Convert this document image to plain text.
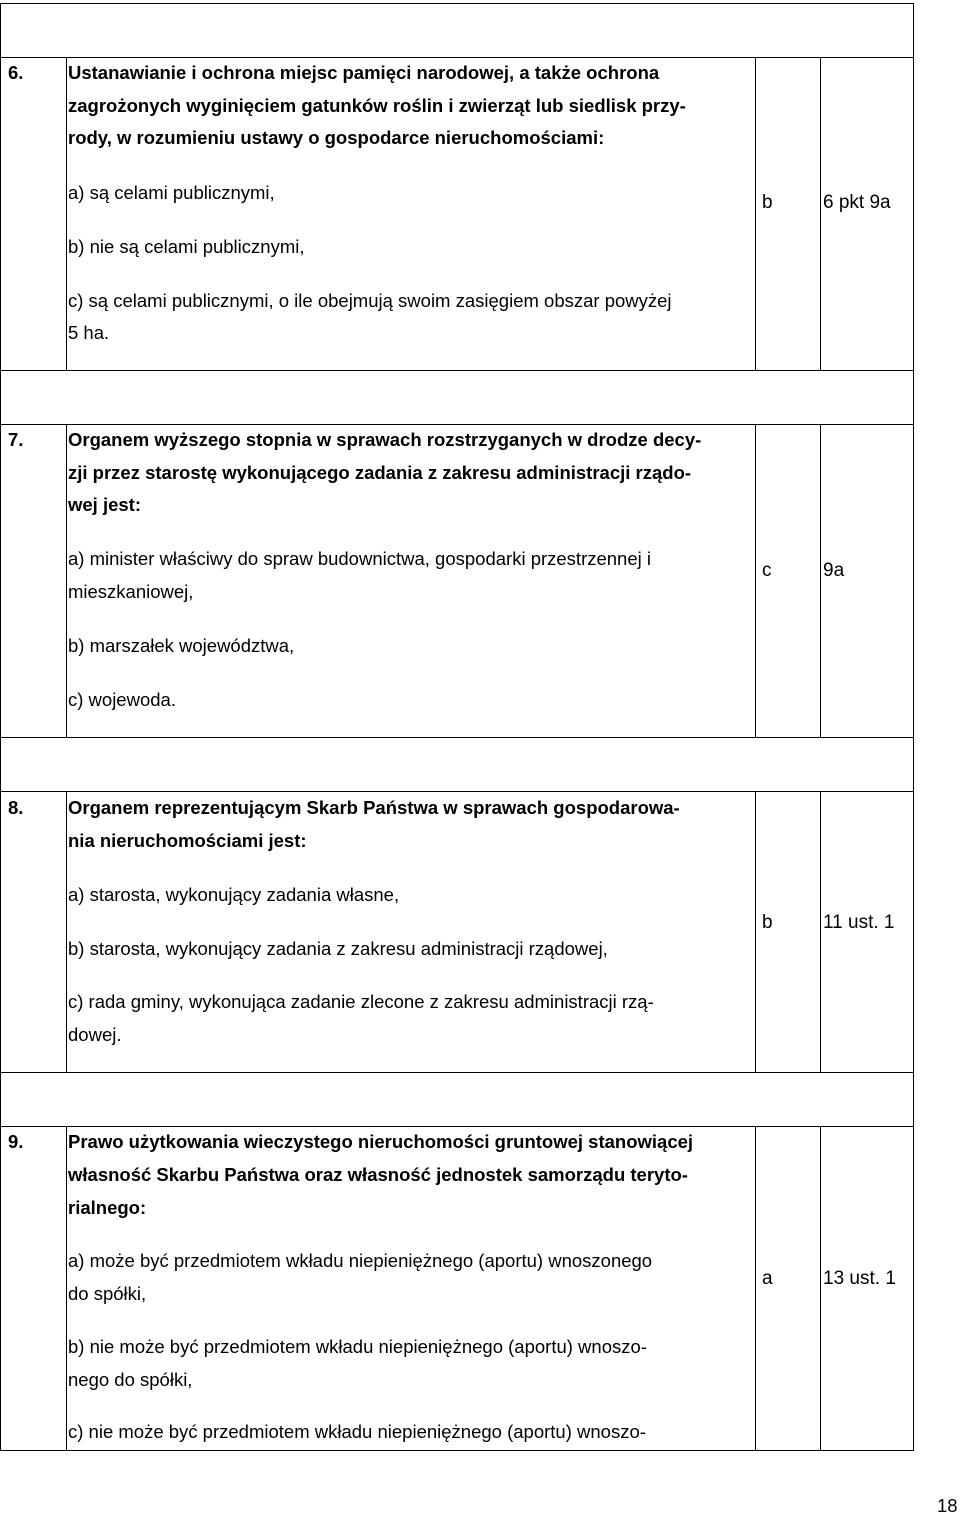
6. Ustanawianie i ochrona miejsc pamięci narodowej, a także ochrona
zagrożonych wyginięciem gatunków roślin i zwierząt lub siedlisk przy-
rody, w rozumieniu ustawy o gospodarce nieruchomościami:
a) są celami publicznymi,
b) nie są celami publicznymi,
c) są celami publicznymi, o ile obejmują swoim zasięgiem obszar powyżej
5 ha.
b	6 pkt 9a
7. Organem wyższego stopnia w sprawach rozstrzyganych w drodze decy-
zji przez starostę wykonującego zadania z zakresu administracji rządo-
wej jest:
a) minister właściwy do spraw budownictwa, gospodarki przestrzennej i
mieszkaniowej,
b) marszałek województwa,
c) wojewoda.
c	9a
8. Organem reprezentującym Skarb Państwa w sprawach gospodarowa-
nia nieruchomościami jest:
a) starosta, wykonujący zadania własne,
b) starosta, wykonujący zadania z zakresu administracji rządowej,
c) rada gminy, wykonująca zadanie zlecone z zakresu administracji rzą-
dowej.
b	11 ust. 1
9. Prawo użytkowania wieczystego nieruchomości gruntowej stanowiącej
własność Skarbu Państwa oraz własność jednostek samorządu teryto-
rialnego:
a) może być przedmiotem wkładu niepieniężnego (aportu) wnoszonego
do spółki,
b) nie może być przedmiotem wkładu niepieniężnego (aportu) wnoszo-
nego do spółki,
c) nie może być przedmiotem wkładu niepieniężnego (aportu) wnoszo-
a	13 ust. 1
18
